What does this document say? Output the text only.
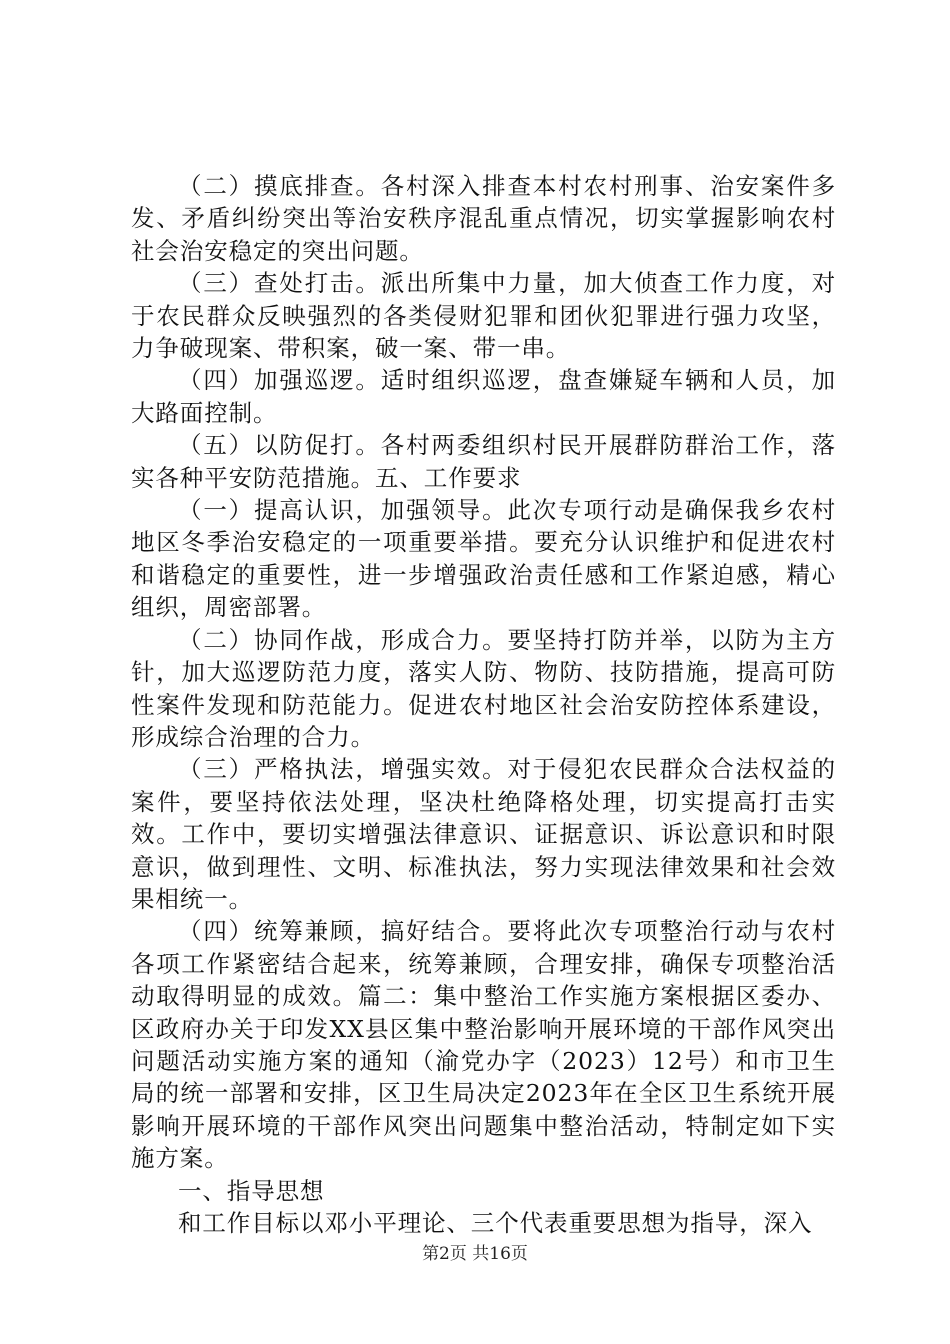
（二）摸底排查。各村深入排查本村农村刑事、治安案件多发、矛盾纠纷突出等治安秩序混乱重点情况，切实掌握影响农村社会治安稳定的突出问题。

（三）查处打击。派出所集中力量，加大侦查工作力度，对于农民群众反映强烈的各类侵财犯罪和团伙犯罪进行强力攻坚，力争破现案、带积案，破一案、带一串。

（四）加强巡逻。适时组织巡逻，盘查嫌疑车辆和人员，加大路面控制。

（五）以防促打。各村两委组织村民开展群防群治工作，落实各种平安防范措施。五、工作要求

（一）提高认识，加强领导。此次专项行动是确保我乡农村地区冬季治安稳定的一项重要举措。要充分认识维护和促进农村和谐稳定的重要性，进一步增强政治责任感和工作紧迫感，精心组织，周密部署。

（二）协同作战，形成合力。要坚持打防并举，以防为主方针，加大巡逻防范力度，落实人防、物防、技防措施，提高可防性案件发现和防范能力。促进农村地区社会治安防控体系建设，形成综合治理的合力。

（三）严格执法，增强实效。对于侵犯农民群众合法权益的案件，要坚持依法处理，坚决杜绝降格处理，切实提高打击实效。工作中，要切实增强法律意识、证据意识、诉讼意识和时限意识，做到理性、文明、标准执法，努力实现法律效果和社会效果相统一。

（四）统筹兼顾，搞好结合。要将此次专项整治行动与农村各项工作紧密结合起来，统筹兼顾，合理安排，确保专项整治活动取得明显的成效。篇二：集中整治工作实施方案根据区委办、区政府办关于印发XX县区集中整治影响开展环境的干部作风突出问题活动实施方案的通知（渝党办字（2023）12号）和市卫生局的统一部署和安排，区卫生局决定2023年在全区卫生系统开展影响开展环境的干部作风突出问题集中整治活动，特制定如下实施方案。

一、指导思想

和工作目标以邓小平理论、三个代表重要思想为指导，深入

第2页 共16页
